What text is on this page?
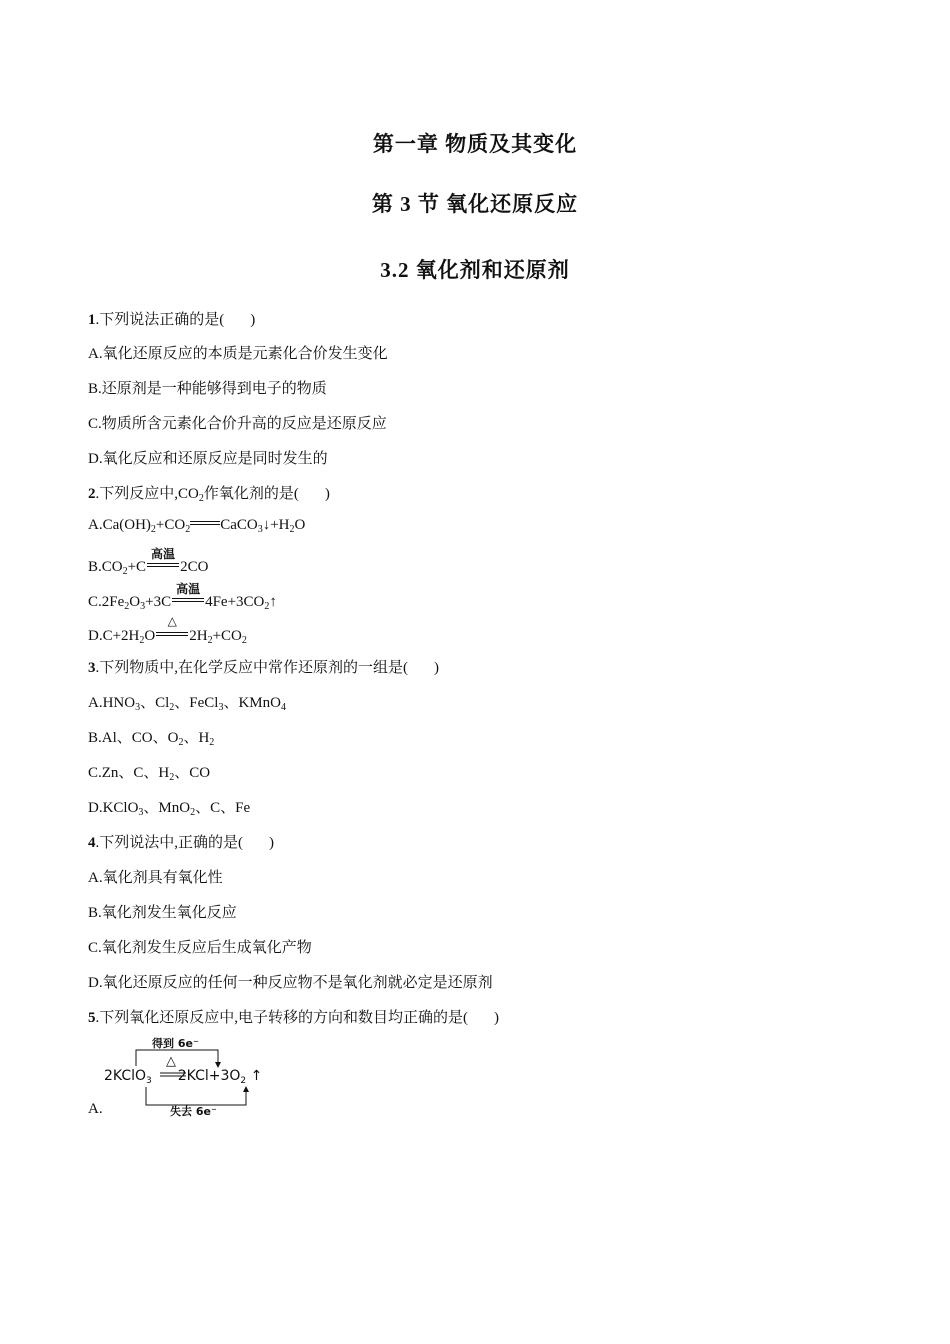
第一章 物质及其变化
第 3 节 氧化还原反应
3.2 氧化剂和还原剂
1.下列说法正确的是( )
A.氧化还原反应的本质是元素化合价发生变化
B.还原剂是一种能够得到电子的物质
C.物质所含元素化合价升高的反应是还原反应
D.氧化反应和还原反应是同时发生的
2.下列反应中$,CO_2$作氧化剂的是( )
$A.Ca(OH)_2+CO_2$ $CaCO_3↓+H_2O$
$B.CO_2+C$
高温
2CO
$C.2Fe_2O_3+3C$
高温
$4Fe+3CO_2↑$
$D.C+2H_2O$
△
$2H_2+CO_2$
3.下列物质中,在化学反应中常作还原剂的一组是( )
$A.HNO_3$、$Cl_2$、FeCl$_3$、KMnO$_4$
B.Al、CO、$O_2$、$H_2$
C.Zn、C、$H_2$、CO
D.KClO$_3$、MnO$_2$、C、Fe
4.下列说法中,正确的是( )
A.氧化剂具有氧化性
B.氧化剂发生氧化反应
C.氧化剂发生反应后生成氧化产物
D.氧化还原反应的任何一种反应物不是氧化剂就必定是还原剂
5.下列氧化还原反应中,电子转移的方向和数目均正确的是( )
A.
得到 6e⁻
△
2KClO$_3$ $2KCl+3O_2$ ↑
失去 6e⁻
